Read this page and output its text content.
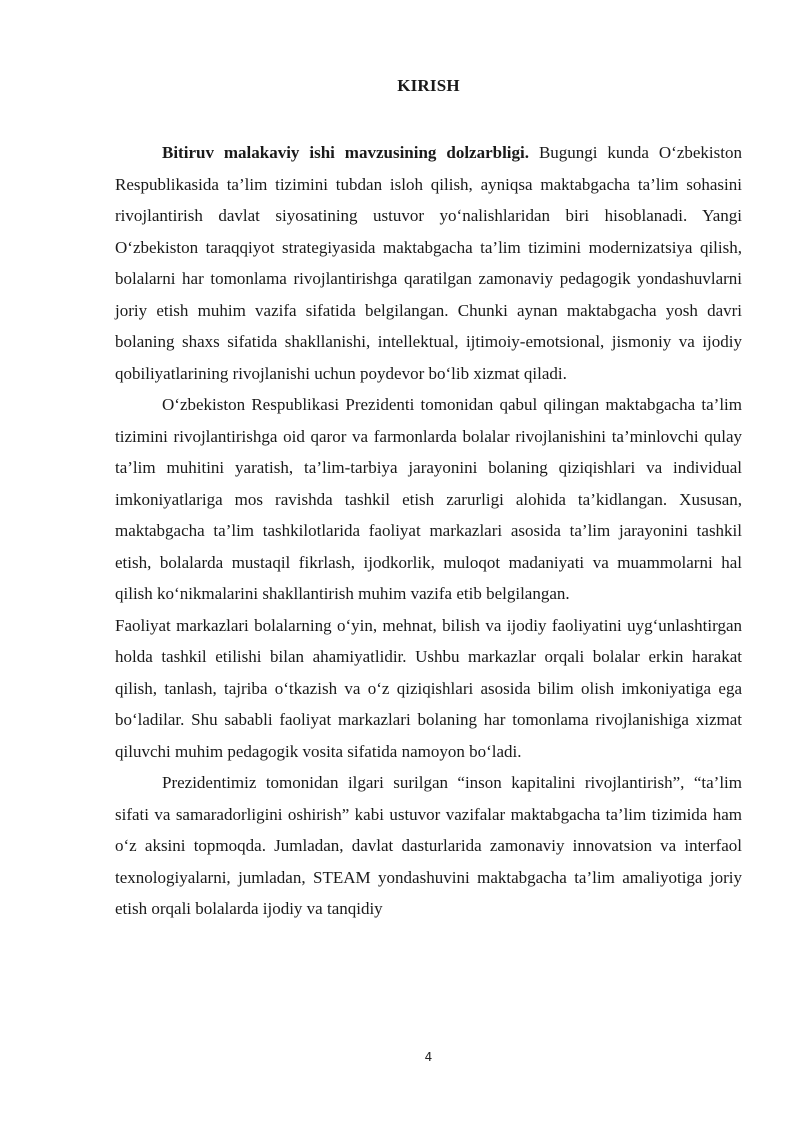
KIRISH

Bitiruv malakaviy ishi mavzusining dolzarbligi. Bugungi kunda O‘zbekiston Respublikasida ta’lim tizimini tubdan isloh qilish, ayniqsa maktabgacha ta’lim sohasini rivojlantirish davlat siyosatining ustuvor yo‘nalishlaridan biri hisoblanadi. Yangi O‘zbekiston taraqqiyot strategiyasida maktabgacha ta’lim tizimini modernizatsiya qilish, bolalarni har tomonlama rivojlantirishga qaratilgan zamonaviy pedagogik yondashuvlarni joriy etish muhim vazifa sifatida belgilangan. Chunki aynan maktabgacha yosh davri bolaning shaxs sifatida shakllanishi, intellektual, ijtimoiy-emotsional, jismoniy va ijodiy qobiliyatlarining rivojlanishi uchun poydevor bo‘lib xizmat qiladi.

O‘zbekiston Respublikasi Prezidenti tomonidan qabul qilingan maktabgacha ta’lim tizimini rivojlantirishga oid qaror va farmonlarda bolalar rivojlanishini ta’minlovchi qulay ta’lim muhitini yaratish, ta’lim-tarbiya jarayonini bolaning qiziqishlari va individual imkoniyatlariga mos ravishda tashkil etish zarurligi alohida ta’kidlangan. Xususan, maktabgacha ta’lim tashkilotlarida faoliyat markazlari asosida ta’lim jarayonini tashkil etish, bolalarda mustaqil fikrlash, ijodkorlik, muloqot madaniyati va muammolarni hal qilish ko‘nikmalarini shakllantirish muhim vazifa etib belgilangan.

Faoliyat markazlari bolalarning o‘yin, mehnat, bilish va ijodiy faoliyatini uyg‘unlashtirgan holda tashkil etilishi bilan ahamiyatlidir. Ushbu markazlar orqali bolalar erkin harakat qilish, tanlash, tajriba o‘tkazish va o‘z qiziqishlari asosida bilim olish imkoniyatiga ega bo‘ladilar. Shu sababli faoliyat markazlari bolaning har tomonlama rivojlanishiga xizmat qiluvchi muhim pedagogik vosita sifatida namoyon bo‘ladi.

Prezidentimiz tomonidan ilgari surilgan “inson kapitalini rivojlantirish”, “ta’lim sifati va samaradorligini oshirish” kabi ustuvor vazifalar maktabgacha ta’lim tizimida ham o‘z aksini topmoqda. Jumladan, davlat dasturlarida zamonaviy innovatsion va interfaol texnologiyalarni, jumladan, STEAM yondashuvini maktabgacha ta’lim amaliyotiga joriy etish orqali bolalarda ijodiy va tanqidiy

4
